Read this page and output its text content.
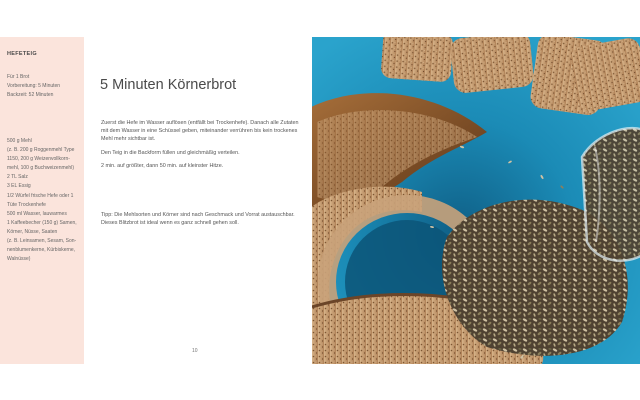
HEFETEIG
Für 1 Brot
Vorbereitung: 5 Minuten
Backzeit: 52 Minuten
500 g Mehl
(z. B. 200 g Roggenmehl Type
1150, 200 g Weizenvollkorn-
mehl, 100 g Buchweizenmehl)
2 TL Salz
3 EL Essig
1/2 Würfel frische Hefe oder 1
Tüte Trockenhefe
500 ml Wasser, lauwarmes
1 Kaffeebecher (150 g) Samen,
Körner, Nüsse, Saaten
(z. B. Leinsamen, Sesam, Son-
nenblumenkerne, Kürbiskerne,
Walnüsse)
5 Minuten Körnerbrot

Zuerst die Hefe im Wasser auflösen (entfällt bei Trockenhefe). Danach alle Zutaten mit dem Wasser in eine Schüssel geben, miteinander verrühren bis kein trockenes Mehl mehr sichtbar ist.

Den Teig in die Backform füllen und gleichmäßig verteilen.

2 min. auf größter, dann 50 min. auf kleinster Hitze.

Tipp: Die Mehlsorten und Körner sind nach Geschmack und Vorrat austauschbar. Dieses Blitzbrot ist ideal wenn es ganz schnell gehen soll.

10
